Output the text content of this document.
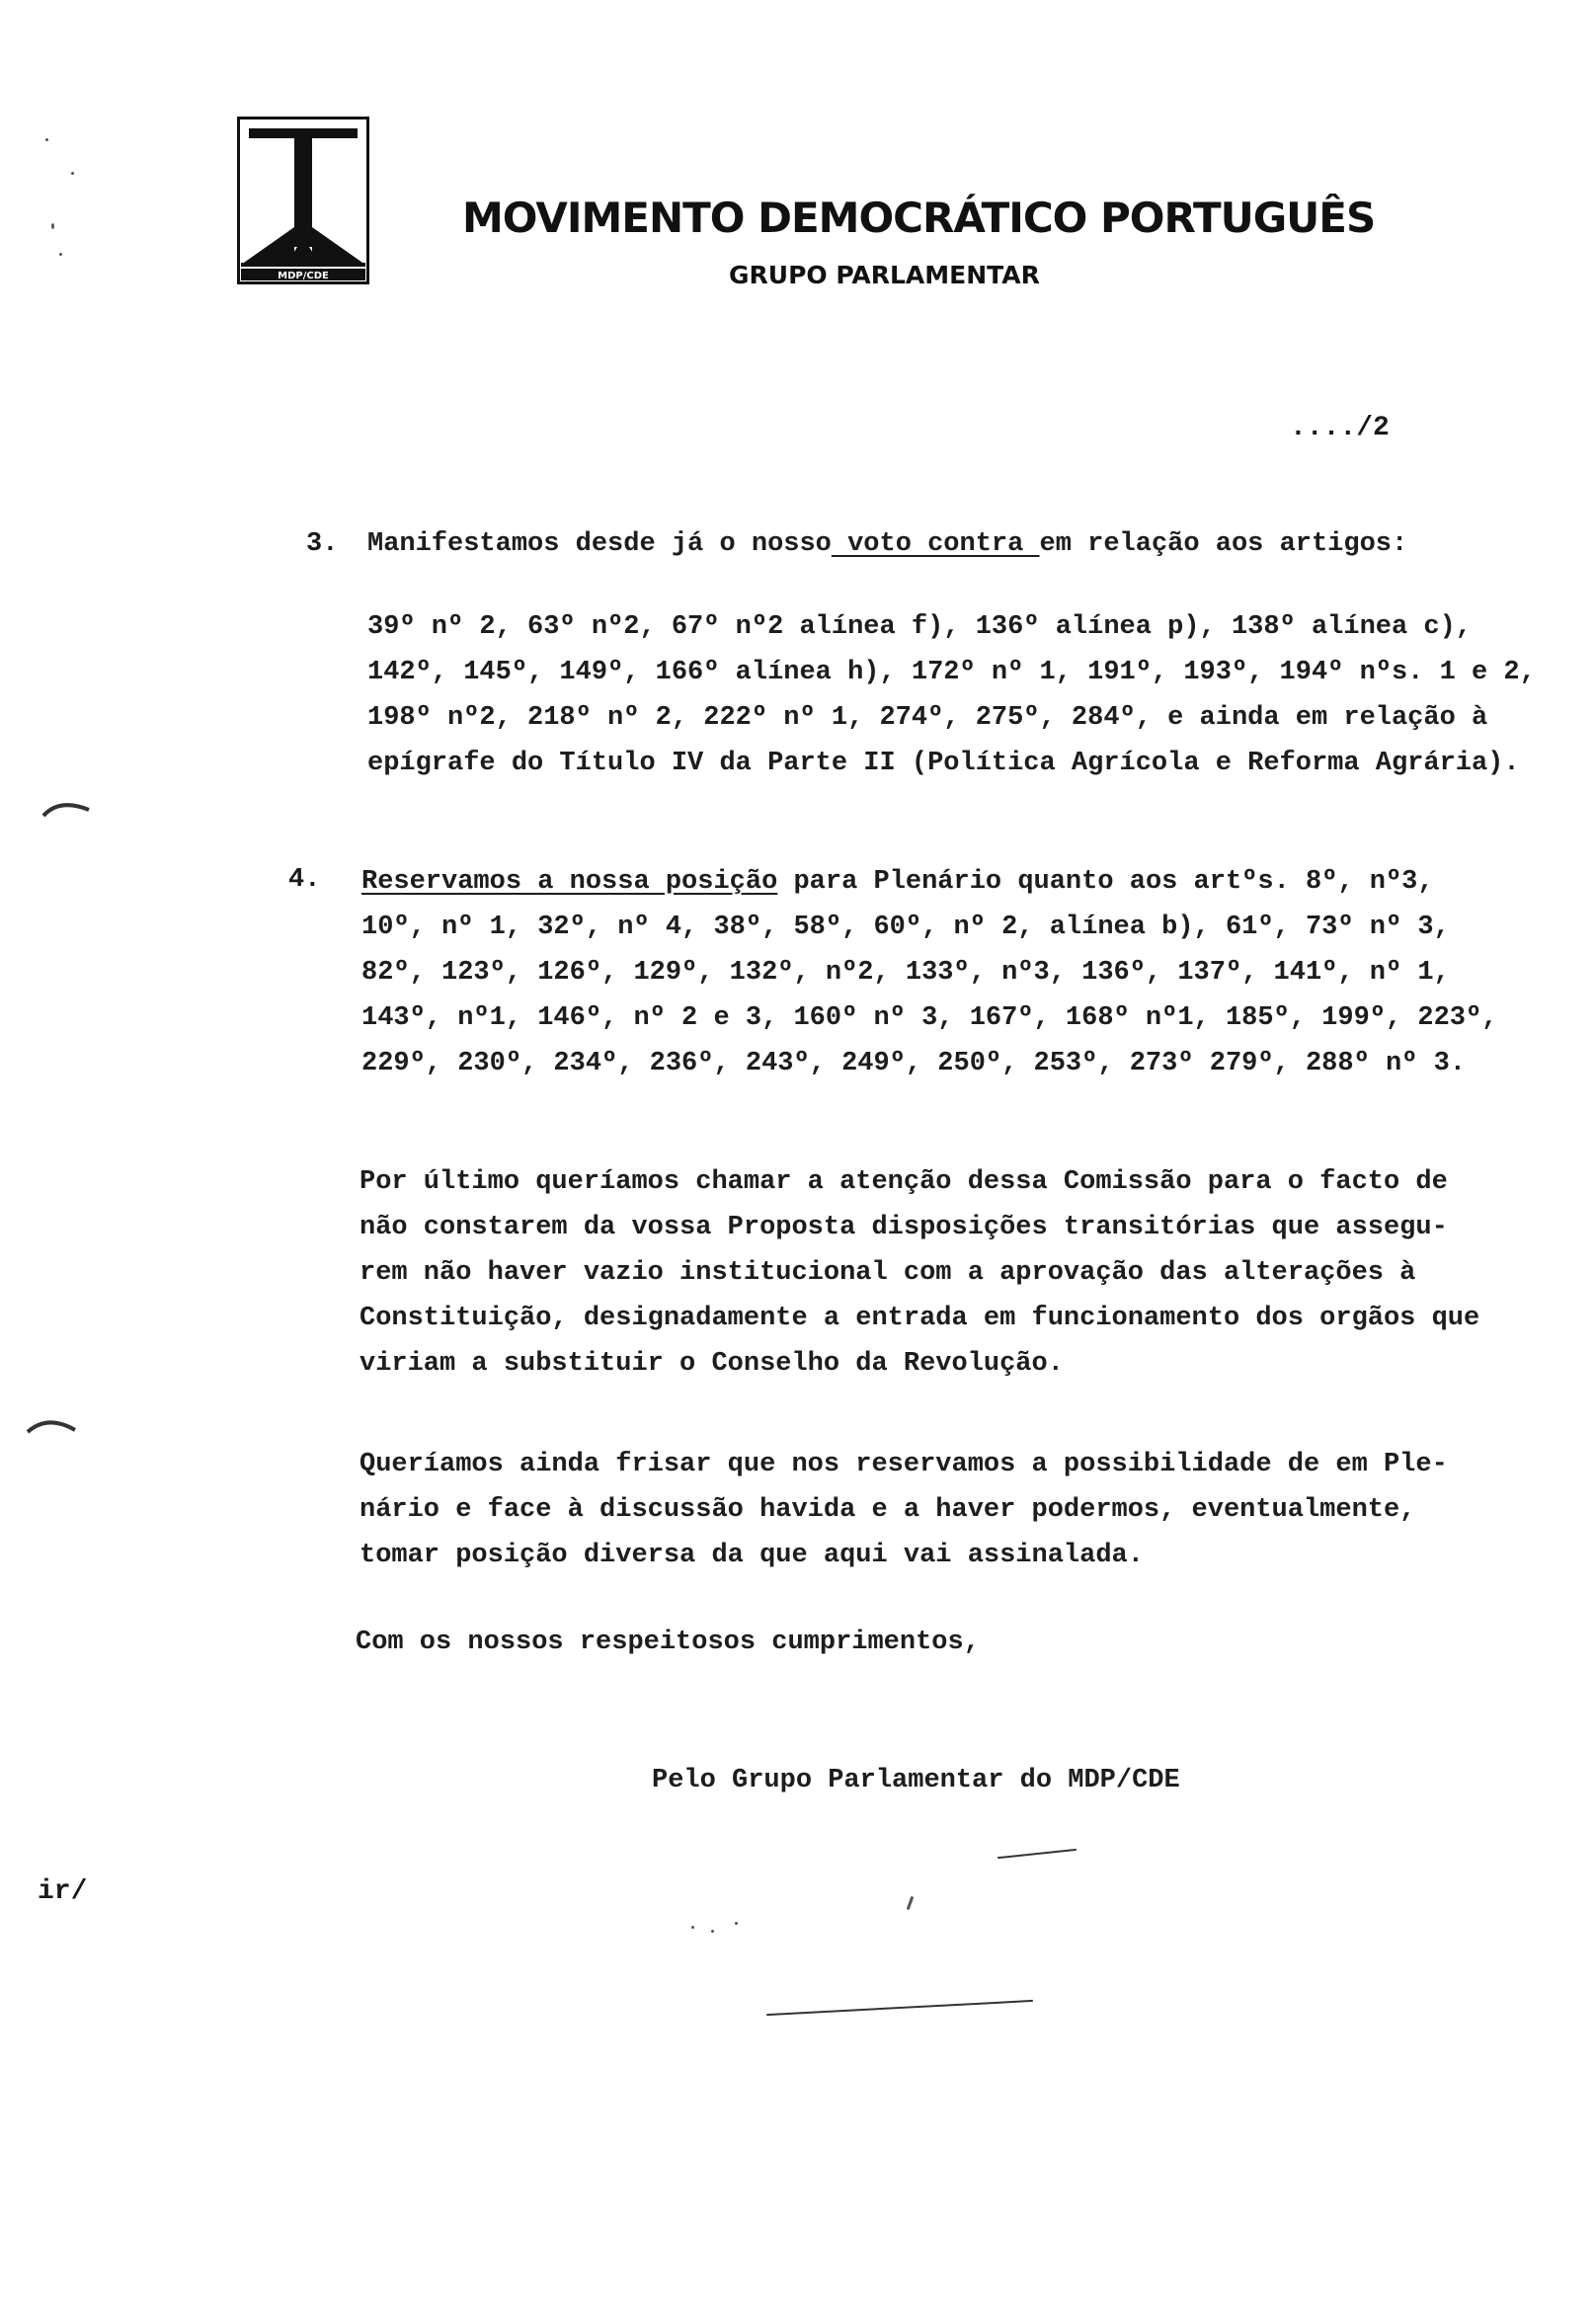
MDP/CDE
MOVIMENTO DEMOCRÁTICO PORTUGUÊS
GRUPO PARLAMENTAR
..../2
3. Manifestamos desde já o nosso voto contra em relação aos artigos:
39º nº 2, 63º nº2, 67º nº2 alínea f), 136º alínea p), 138º alínea c),
142º, 145º, 149º, 166º alínea h), 172º nº 1, 191º, 193º, 194º nºs. 1 e 2,
198º nº2, 218º nº 2, 222º nº 1, 274º, 275º, 284º, e ainda em relação à
epígrafe do Título IV da Parte II (Política Agrícola e Reforma Agrária).
4. Reservamos a nossa posição para Plenário quanto aos artºs. 8º, nº3,
10º, nº 1, 32º, nº 4, 38º, 58º, 60º, nº 2, alínea b), 61º, 73º nº 3,
82º, 123º, 126º, 129º, 132º, nº2, 133º, nº3, 136º, 137º, 141º, nº 1,
143º, nº1, 146º, nº 2 e 3, 160º nº 3, 167º, 168º nº1, 185º, 199º, 223º,
229º, 230º, 234º, 236º, 243º, 249º, 250º, 253º, 273º 279º, 288º nº 3.
Por último queríamos chamar a atenção dessa Comissão para o facto de
não constarem da vossa Proposta disposições transitórias que assegu-
rem não haver vazio institucional com a aprovação das alterações à
Constituição, designadamente a entrada em funcionamento dos orgãos que
viriam a substituir o Conselho da Revolução.
Queríamos ainda frisar que nos reservamos a possibilidade de em Ple-
nário e face à discussão havida e a haver podermos, eventualmente,
tomar posição diversa da que aqui vai assinalada.
Com os nossos respeitosos cumprimentos,
Pelo Grupo Parlamentar do MDP/CDE
ir/
